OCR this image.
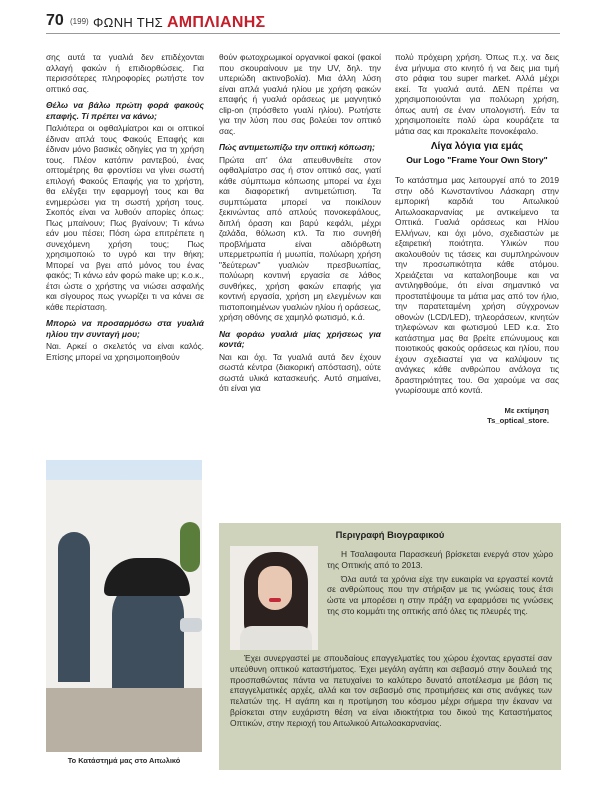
70 (199) ΦΩΝΗ ΤΗΣ ΑΜΠΛΙΑΝΗΣ

σης αυτά τα γυαλιά δεν επιδέχονται αλλαγή φακών ή επιδιορθώσεις. Για περισσότερες πληροφορίες ρωτήστε τον οπτικό σας.

Θέλω να βάλω πρώτη φορά φακούς επαφής. Τί πρέπει να κάνω;

Παλιότερα οι οφθαλμίατροι και οι οπτικοί έδιναν απλά τους Φακούς Επαφής και έδιναν μόνο βασικές οδηγίες για τη χρήση τους. Πλέον κατόπιν ραντεβού, ένας οπτομέτρης θα φροντίσει να γίνει σωστή επιλογή Φακούς Επαφής για το χρήστη, θα ελέγξει την εφαρμογή τους και θα ενημερώσει για τη σωστή χρήση τους. Σκοπός είναι να λυθούν απορίες όπως: Πως μπαίνουν; Πως βγαίνουν; Τι κάνω εάν μου πέσει; Πόση ώρα επιτρέπετε η συνεχόμενη χρήση τους; Πως χρησιμοποιώ το υγρό και την θήκη; Μπορεί να βγει από μόνος του ένας φακός; Τι κάνω εάν φορώ make up; κ.ο.κ., έτσι ώστε ο χρήστης να νιώσει ασφαλής και σίγουρος πως γνωρίζει τι να κάνει σε κάθε περίσταση.

Μπορώ να προσαρμόσω στα γυαλιά ηλίου την συνταγή μου;

Ναι. Αρκεί ο σκελετός να είναι καλός. Επίσης μπορεί να χρησιμοποιηθούν

θούν φωτοχρωμικοί οργανικοί φακοί (φακοί που σκουραίνουν με την UV, δηλ. την υπεριώδη ακτινοβολία). Μια άλλη λύση είναι απλά γυαλιά ηλίου με χρήση φακών επαφής ή γυαλιά οράσεως με μαγνητικό clip-on (πρόσθετο γυαλί ηλίου). Ρωτήστε για την λύση που σας βολεύει τον οπτικό σας.

Πώς αντιμετωπίζω την οπτική κόπωση;

Πρώτα απ' όλα απευθυνθείτε στον οφθαλμίατρο σας ή στον οπτικό σας, γιατί κάθε σύμπτωμα κόπωσης μπορεί να έχει και διαφορετική αντιμετώπιση. Τα συμπτώματα μπορεί να ποικίλουν ξεκινώντας από απλούς πονοκεφάλους, διπλή όραση και βαρύ κεφάλι, μέχρι ζαλάδα, θόλωση κτλ. Τα πιο συνηθή προβλήματα είναι αδιόρθωτη υπερμετρωπία ή μυωπία, πολύωρη χρήση "δεύτερων" γυαλιών πρεσβυωπίας, πολύωρη κοντινή εργασία σε λάθος συνθήκες, χρήση φακών επαφής για κοντινή εργασία, χρήση μη ελεγμένων και πιστοποιημένων γυαλιών ηλίου ή οράσεως, χρήση οθόνης σε χαμηλό φωτισμό, κ.ά.

Να φοράω γυαλιά μίας χρήσεως για κοντά;

Ναι και όχι. Τα γυαλιά αυτά δεν έχουν σωστά κέντρα (διακορική απόσταση), ούτε σωστά υλικά κατασκευής. Αυτό σημαίνει, ότι είναι για

πολύ πρόχειρη χρήση. Όπως π.χ. να δεις ένα μήνυμα στο κινητό ή να δεις μια τιμή στο ράφια του super market. Αλλά μέχρι εκεί. Τα γυαλιά αυτά. ΔΕΝ πρέπει να χρησιμοποιούνται για πολύωρη χρήση, όπως αυτή σε έναν υπολογιστή. Εάν τα χρησιμοποιείτε πολύ ώρα κουράζετε τα μάτια σας και προκαλείτε πονοκέφαλο.

Λίγα λόγια για εμάς
Our Logo "Frame Your Own Story"

Το κατάστημα μας λειτουργεί από το 2019 στην οδό Κωνσταντίνου Λάσκαρη στην εμπορική καρδιά του Αιτωλικού Αιτωλοακαρνανίας με αντικείμενο τα Οπτικά. Γυαλιά οράσεως και Ηλίου Ελλήνων, και όχι μόνο, σχεδιαστών με εξαιρετική ποιότητα. Υλικών που ακολουθούν τις τάσεις και συμπληρώνουν την προσωπικότητα κάθε ατόμου. Χρειάζεται να καταλοηβουμε και να αντιληφθούμε, ότι είναι σημαντικό να προστατέψουμε τα μάτια μας από τον ήλιο, την παρατεταμένη χρήση σύγχρονων οθονών (LCD/LED), τηλεοράσεων, κινητών τηλεφώνων και φωτισμού LED κ.α. Στο κατάστημα μας θα βρείτε επώνυμους και ποιοτικούς φακούς οράσεως και ηλίου, που έχουν σχεδιαστεί για να καλύψουν τις ανάγκες κάθε ανθρώπου ανάλογα τις δραστηριότητες του. Θα χαρούμε να σας γνωρίσουμε από κοντά.

Με εκτίμηση
Ts_optical_store.
Το Κατάστημά μας στο Αιτωλικό
Περιγραφή Βιογραφικού

Η Τσαλαφουτα Παρασκευή βρίσκεται ενεργά στον χώρο της Οπτικής από το 2013.

Όλα αυτά τα χρόνια είχε την ευκαιρία να εργαστεί κοντά σε ανθρώπους που την στήριξαν με τις γνώσεις τους έτσι ώστε να μπορέσει η στην πράξη να εφαρμόσει τις γνώσεις της στο κομμάτι της οπτικής από όλες τις πλευρές της.

Έχει συνεργαστεί με σπουδαίους επαγγελματίες του χώρου έχοντας εργαστεί σαν υπεύθυνη οπτικού καταστήματος. Έχει μεγάλη αγάπη και σεβασμό στην δουλειά της προσπαθώντας πάντα να πετυχαίνει το καλύτερο δυνατό αποτέλεσμα με βάση τις επαγγελματικές αρχές, αλλά και τον σεβασμό στις προτιμήσεις και στις ανάγκες των πελατών της. Η αγάπη και η προτίμηση του κόσμου μέχρι σήμερα την έκαναν να βρίσκεται στην ευχάριστη θέση να είναι ιδιοκτήτρια του δικού της Καταστήματος Οπτικών, στην περιοχή του Αιτωλικού Αιτωλοακαρνανίας.
